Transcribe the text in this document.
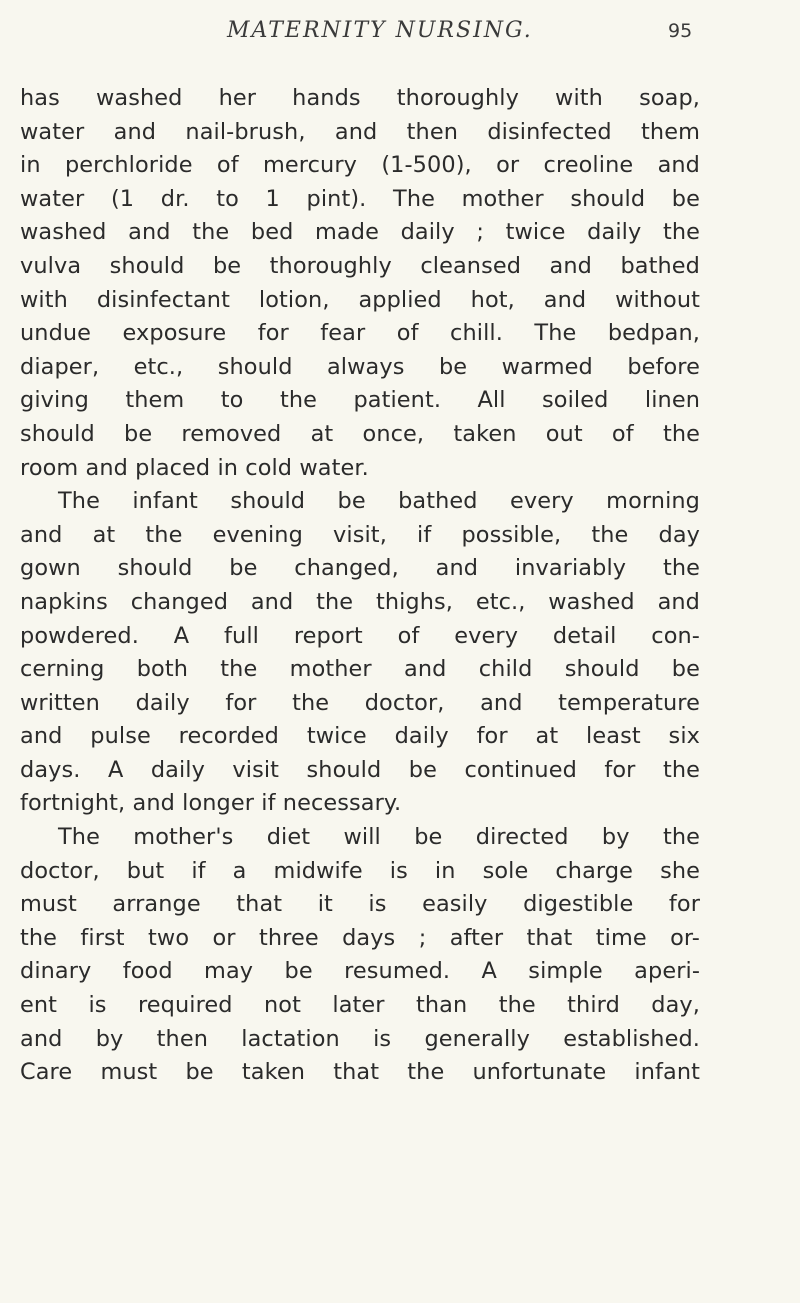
MATERNITY NURSING.	95
has washed her hands thoroughly with soap,
water and nail-brush, and then disinfected them
in perchloride of mercury (1-500), or creoline and
water (1 dr. to 1 pint). The mother should be
washed and the bed made daily ; twice daily the
vulva should be thoroughly cleansed and bathed
with disinfectant lotion, applied hot, and without
undue exposure for fear of chill. The bedpan,
diaper, etc., should always be warmed before
giving them to the patient. All soiled linen
should be removed at once, taken out of the
room and placed in cold water.
The infant should be bathed every morning
and at the evening visit, if possible, the day
gown should be changed, and invariably the
napkins changed and the thighs, etc., washed and
powdered. A full report of every detail con-
cerning both the mother and child should be
written daily for the doctor, and temperature
and pulse recorded twice daily for at least six
days. A daily visit should be continued for the
fortnight, and longer if necessary.
The mother's diet will be directed by the
doctor, but if a midwife is in sole charge she
must arrange that it is easily digestible for
the first two or three days ; after that time or-
dinary food may be resumed. A simple aperi-
ent is required not later than the third day,
and by then lactation is generally established.
Care must be taken that the unfortunate infant
